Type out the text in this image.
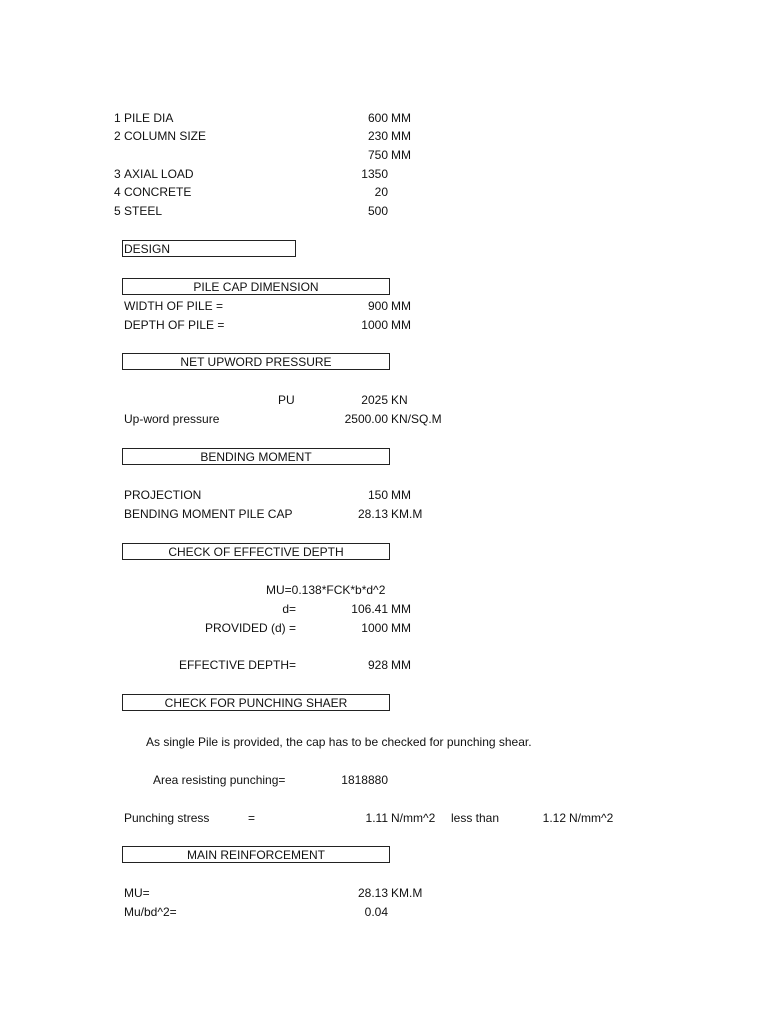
1 PILE DIA	600 MM
2 COLUMN SIZE	230 MM
750 MM
3 AXIAL LOAD	1350
4 CONCRETE	20
5 STEEL	500
DESIGN
PILE CAP DIMENSION
WIDTH OF PILE =	900 MM
DEPTH OF PILE =	1000 MM
NET UPWORD PRESSURE
PU	2025 KN
Up-word pressure	2500.00 KN/SQ.M
BENDING MOMENT
PROJECTION	150 MM
BENDING MOMENT PILE CAP	28.13 KM.M
CHECK OF EFFECTIVE DEPTH
MU=0.138*FCK*b*d^2
d=	106.41 MM
PROVIDED (d) =	1000 MM
EFFECTIVE DEPTH=	928 MM
CHECK FOR PUNCHING SHAER
As single Pile is provided, the cap has to be checked for punching shear.
Area resisting punching=	1818880
Punching stress	=	1.11 N/mm^2 less than	1.12 N/mm^2
MAIN REINFORCEMENT
MU=	28.13 KM.M
Mu/bd^2=	0.04
